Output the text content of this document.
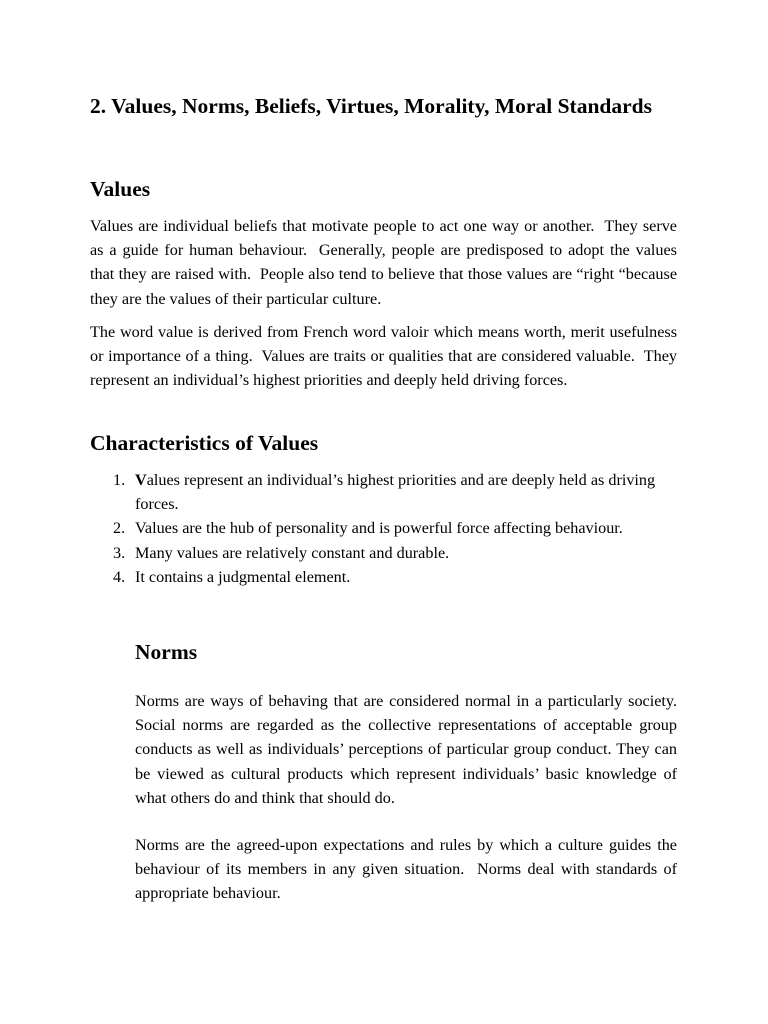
2. Values, Norms, Beliefs, Virtues, Morality, Moral Standards
Values

Values are individual beliefs that motivate people to act one way or another.  They serve as a guide for human behaviour.  Generally, people are predisposed to adopt the values that they are raised with.  People also tend to believe that those values are “right “because they are the values of their particular culture.

The word value is derived from French word valoir which means worth, merit usefulness or importance of a thing.  Values are traits or qualities that are considered valuable.  They represent an individual’s highest priorities and deeply held driving forces.

Characteristics of Values
1. Values represent an individual’s highest priorities and are deeply held as driving forces.
2. Values are the hub of personality and is powerful force affecting behaviour.
3. Many values are relatively constant and durable.
4. It contains a judgmental element.
Norms

Norms are ways of behaving that are considered normal in a particularly society. Social norms are regarded as the collective representations of acceptable group conducts as well as individuals’ perceptions of particular group conduct. They can be viewed as cultural products which represent individuals’ basic knowledge of what others do and think that should do.

Norms are the agreed-upon expectations and rules by which a culture guides the behaviour of its members in any given situation.  Norms deal with standards of appropriate behaviour.
